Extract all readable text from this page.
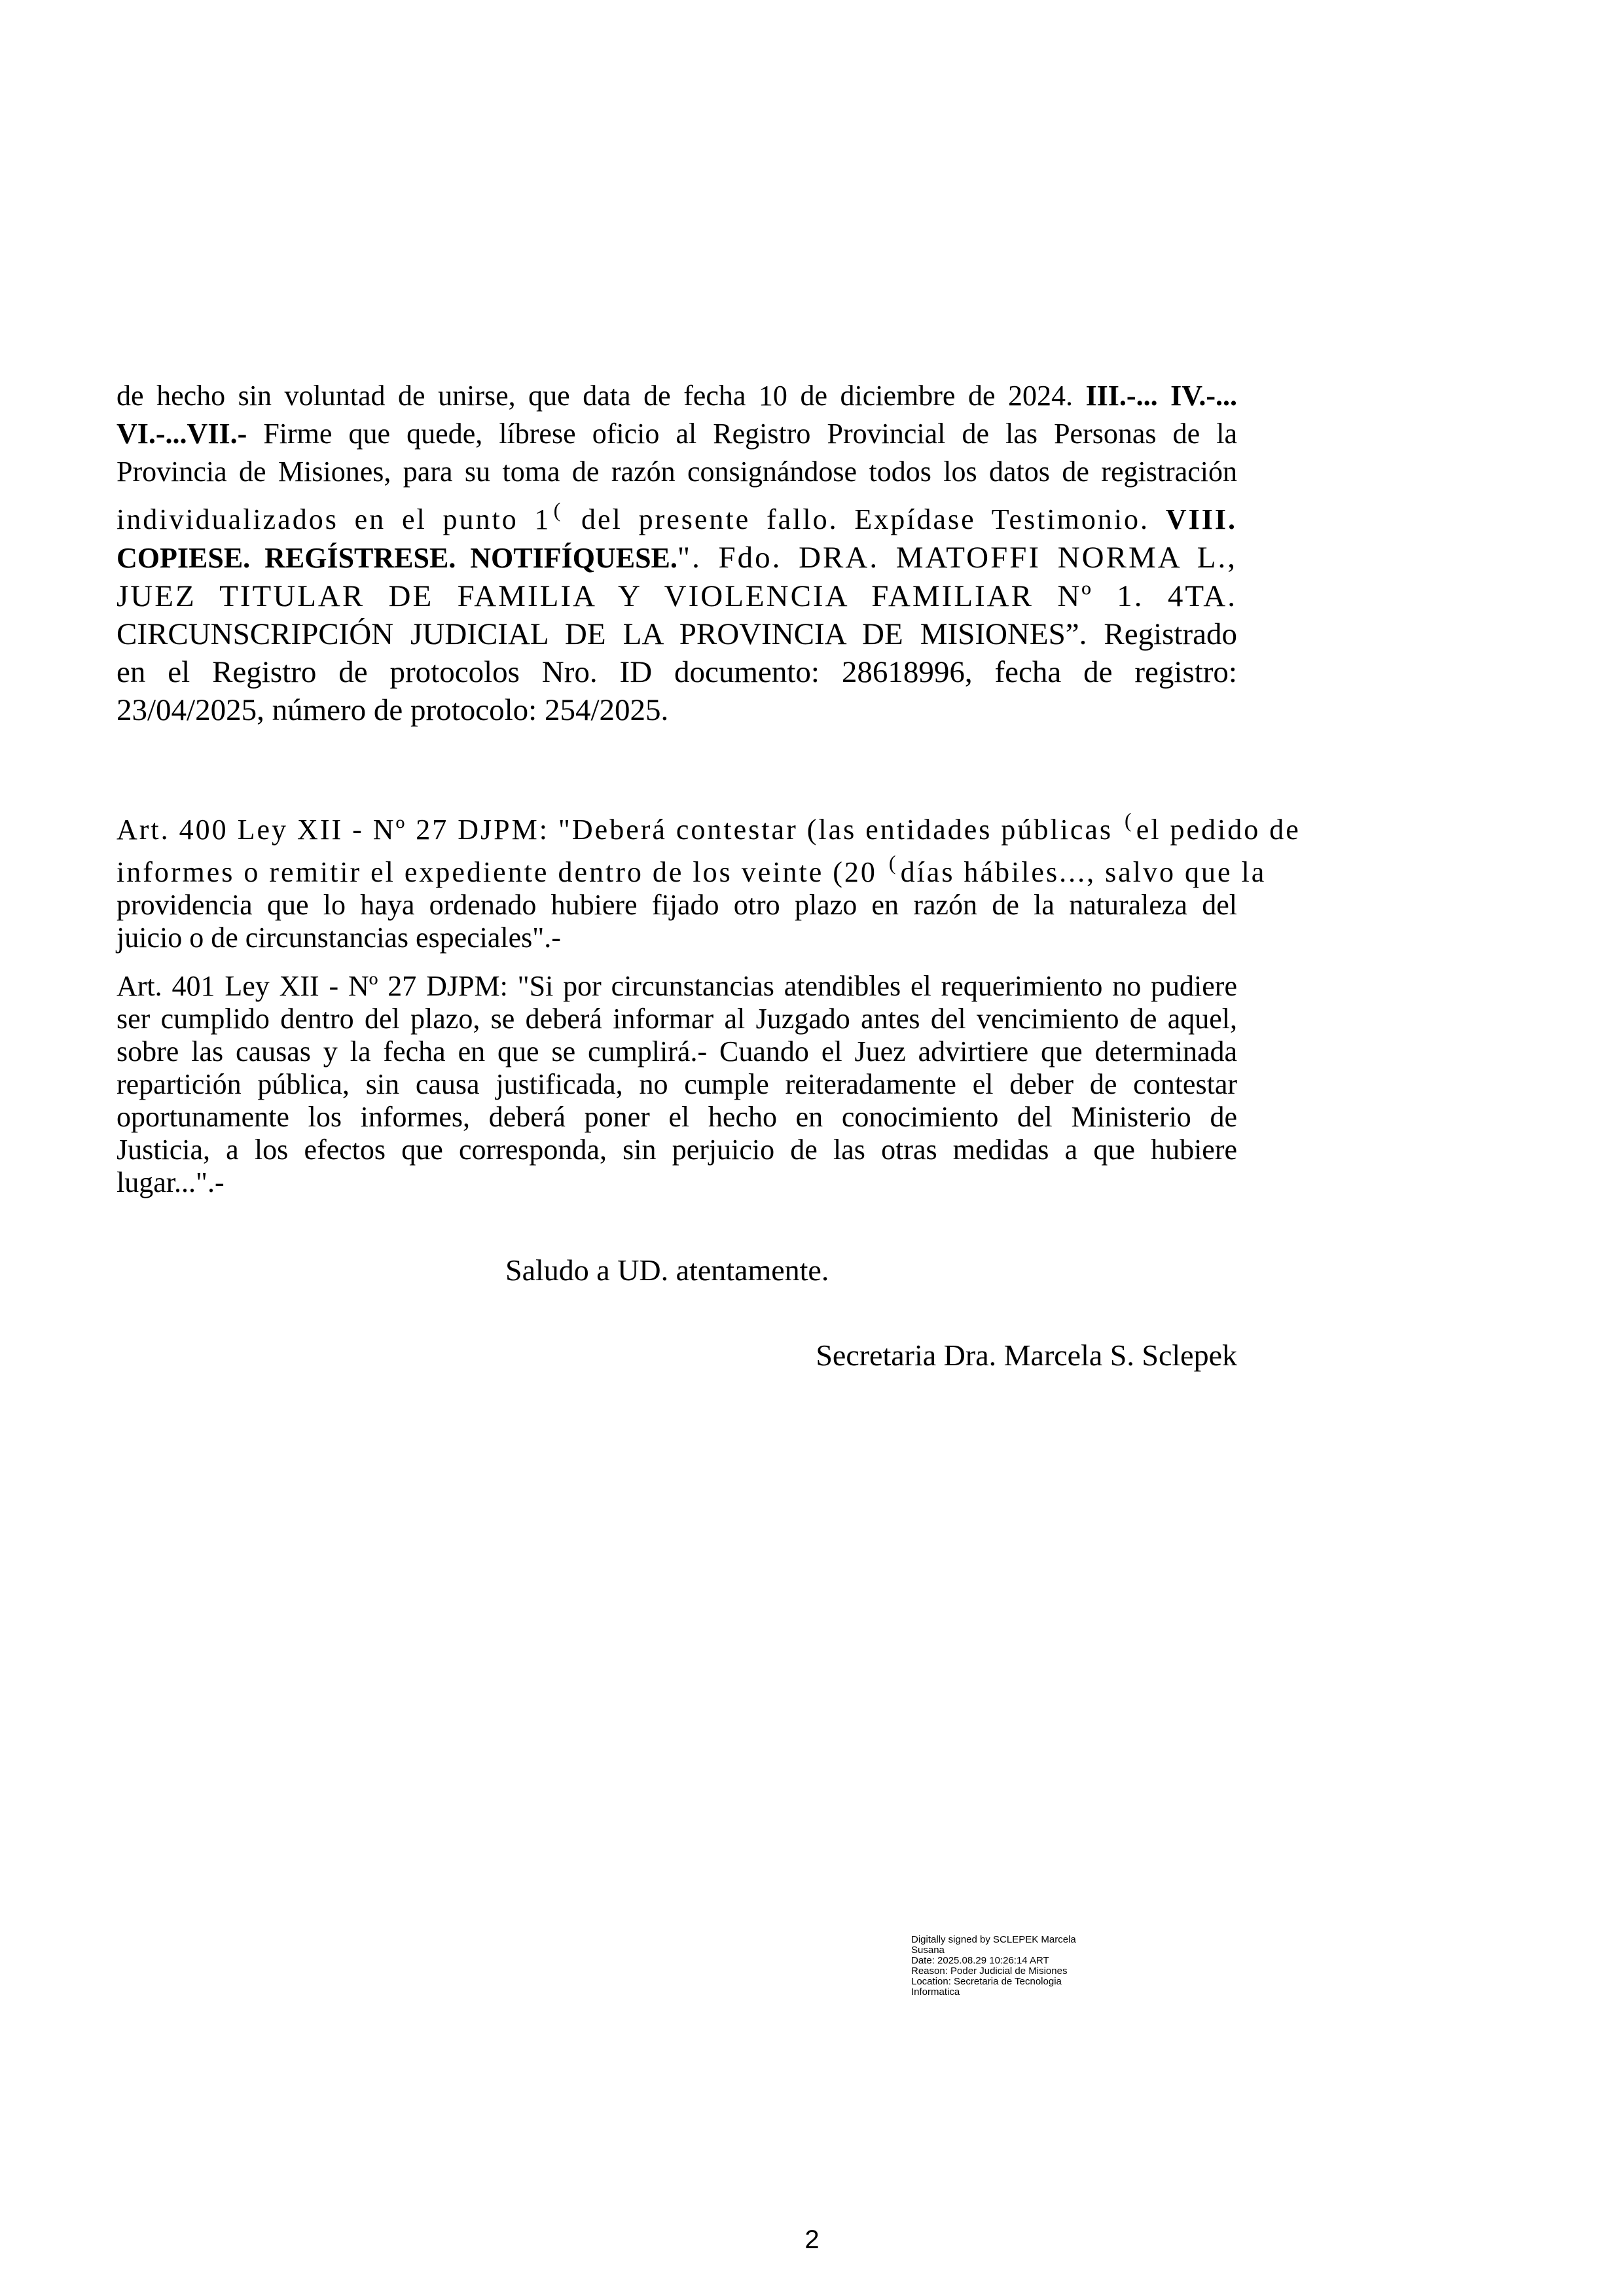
de hecho sin voluntad de unirse, que data de fecha 10 de diciembre de 2024. III.-... IV.-...
VI.-...VII.- Firme que quede, líbrese oficio al Registro Provincial de las Personas de la
Provincia de Misiones, para su toma de razón consignándose todos los datos de registración
individualizados en el punto 1 ( del presente fallo. Expídase Testimonio. VIII.
COPIESE. REGÍSTRESE. NOTIFÍQUESE.". Fdo. DRA. MATOFFI NORMA L.,
JUEZ TITULAR DE FAMILIA Y VIOLENCIA FAMILIAR Nº 1. 4TA.
CIRCUNSCRIPCIÓN JUDICIAL DE LA PROVINCIA DE MISIONES”. Registrado
en el Registro de protocolos Nro. ID documento: 28618996, fecha de registro:
23/04/2025, número de protocolo: 254/2025.
Art. 400 Ley XII - Nº 27 DJPM: "Deberá contestar (las entidades públicas (el pedido de
informes o remitir el expediente dentro de los veinte (20 (días hábiles..., salvo que la
providencia que lo haya ordenado hubiere fijado otro plazo en razón de la naturaleza del
juicio o de circunstancias especiales".-
Art. 401 Ley XII - Nº 27 DJPM: "Si por circunstancias atendibles el requerimiento no pudiere
ser cumplido dentro del plazo, se deberá informar al Juzgado antes del vencimiento de aquel,
sobre las causas y la fecha en que se cumplirá.- Cuando el Juez advirtiere que determinada
repartición pública, sin causa justificada, no cumple reiteradamente el deber de contestar
oportunamente los informes, deberá poner el hecho en conocimiento del Ministerio de
Justicia, a los efectos que corresponda, sin perjuicio de las otras medidas a que hubiere
lugar...".-
Saludo a UD. atentamente.
Secretaria Dra. Marcela S. Sclepek
Digitally signed by SCLEPEK Marcela
Susana
Date: 2025.08.29 10:26:14 ART
Reason: Poder Judicial de Misiones
Location: Secretaria de Tecnologia
Informatica
2
